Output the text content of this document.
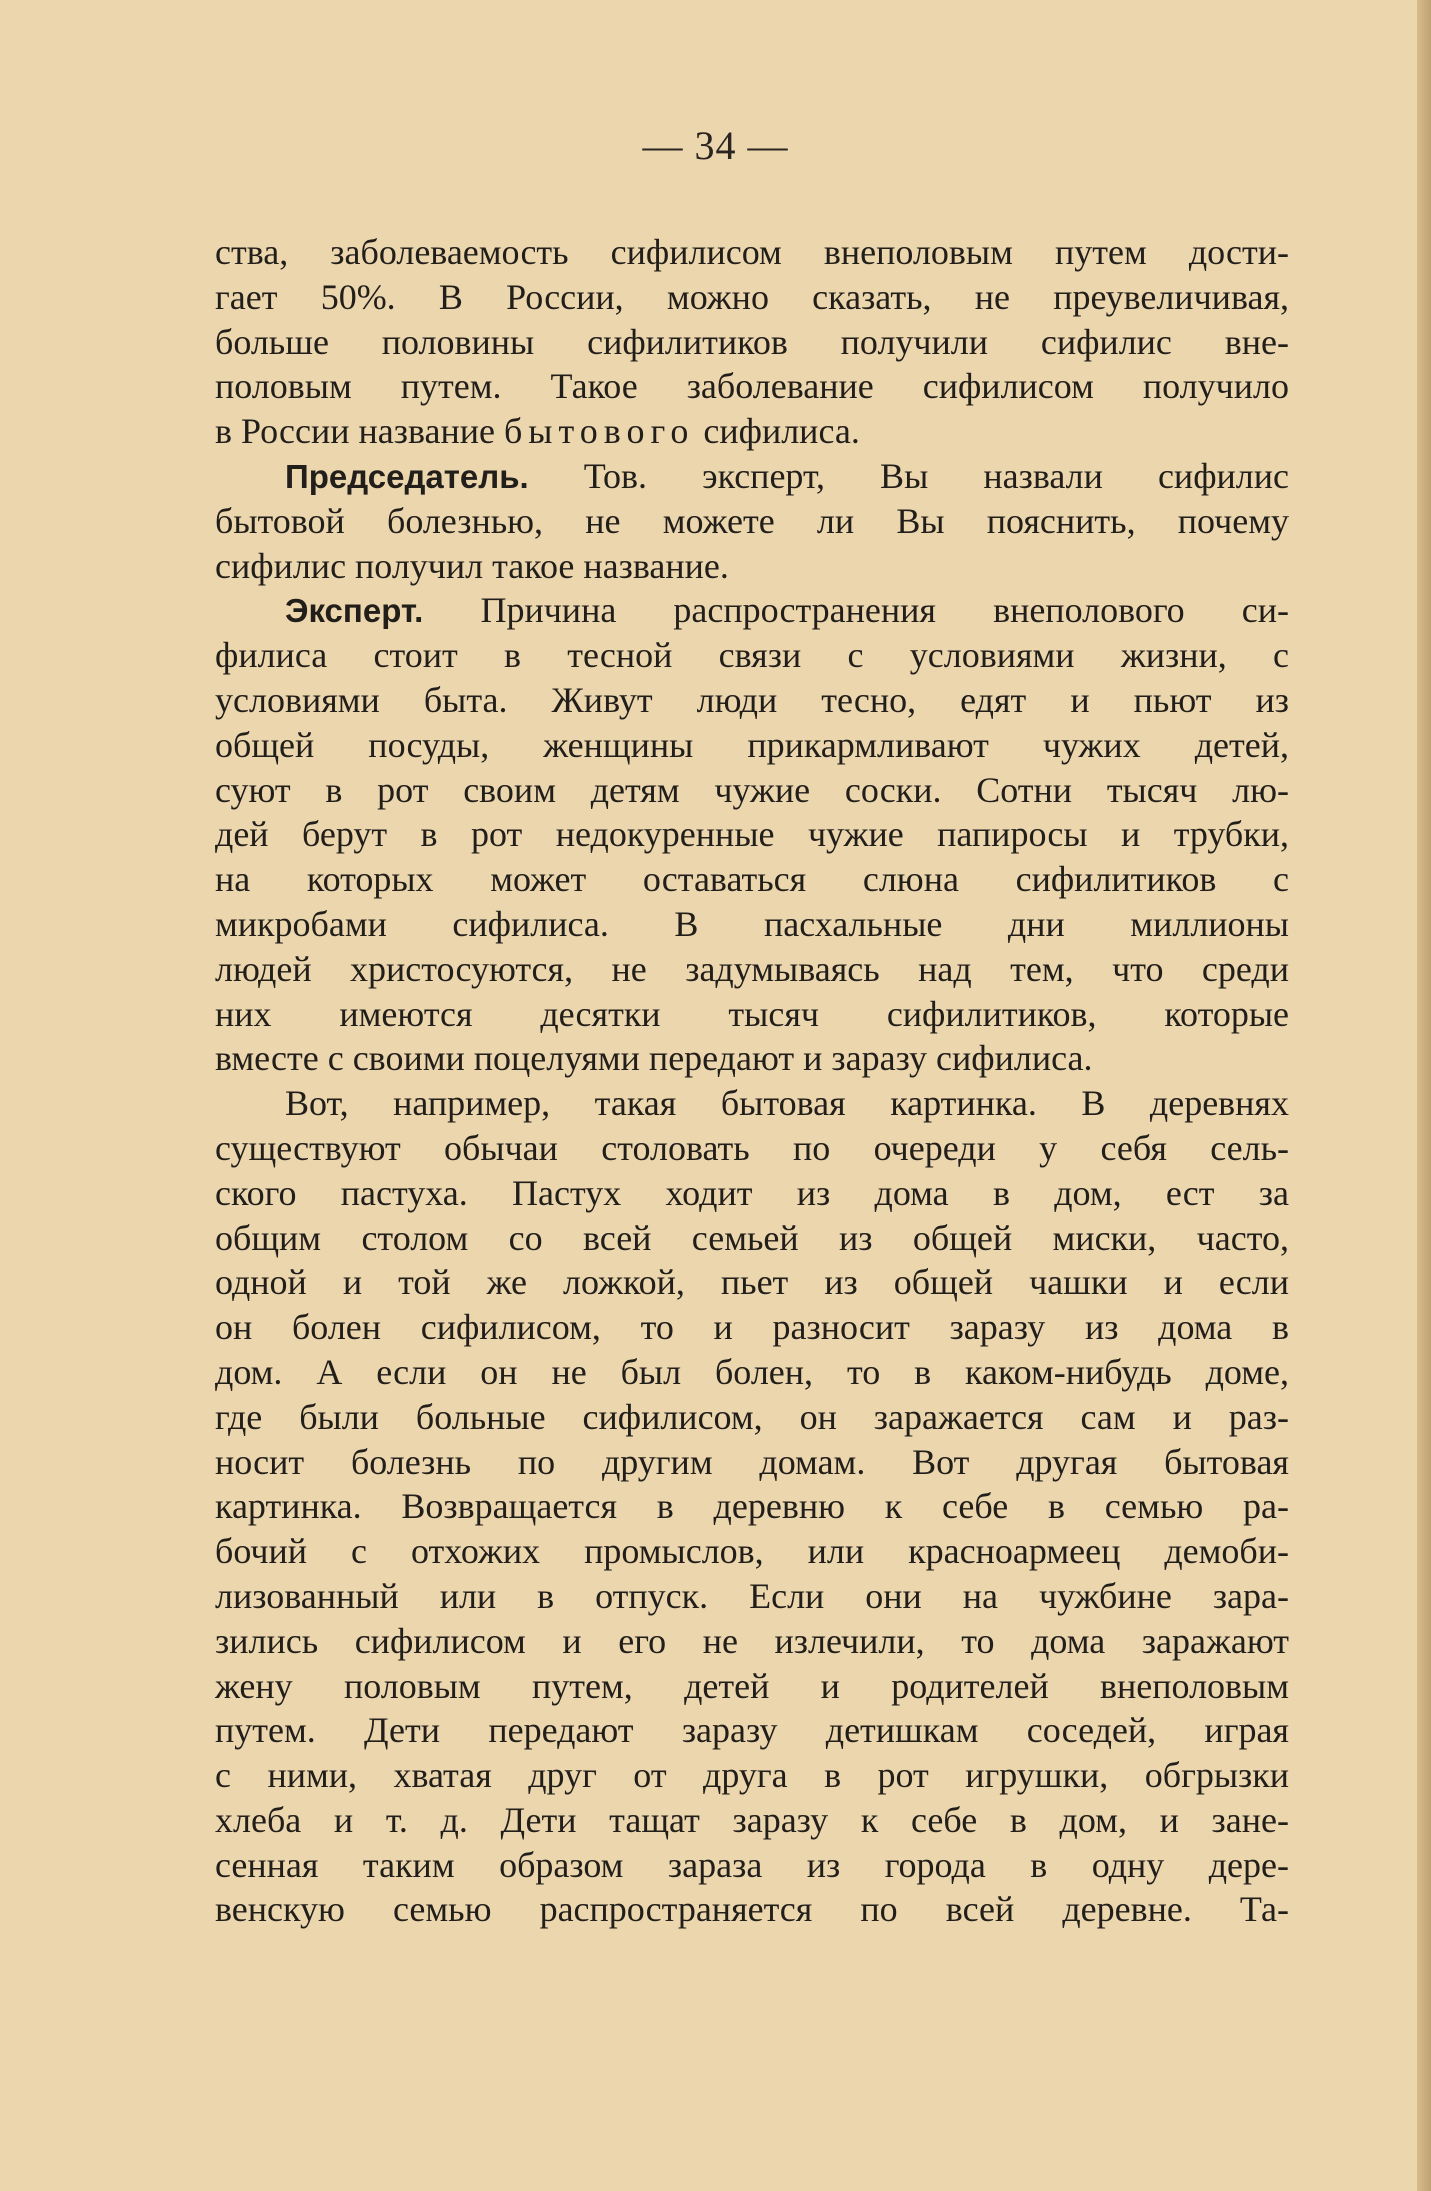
— 34 —
ства, заболеваемость сифилисом внеполовым путем дости-
гает 50%. В России, можно сказать, не преувеличивая,
больше половины сифилитиков получили сифилис вне-
половым путем. Такое заболевание сифилисом получило
в России название бытового сифилиса.
Председатель. Тов. эксперт, Вы назвали сифилис
бытовой болезнью, не можете ли Вы пояснить, почему
сифилис получил такое название.
Эксперт. Причина распространения внеполового си-
филиса стоит в тесной связи с условиями жизни, с
условиями быта. Живут люди тесно, едят и пьют из
общей посуды, женщины прикармливают чужих детей,
суют в рот своим детям чужие соски. Сотни тысяч лю-
дей берут в рот недокуренные чужие папиросы и трубки,
на которых может оставаться слюна сифилитиков с
микробами сифилиса. В пасхальные дни миллионы
людей христосуются, не задумываясь над тем, что среди
них имеются десятки тысяч сифилитиков, которые
вместе с своими поцелуями передают и заразу сифилиса.
Вот, например, такая бытовая картинка. В деревнях
существуют обычаи столовать по очереди у себя сель-
ского пастуха. Пастух ходит из дома в дом, ест за
общим столом со всей семьей из общей миски, часто,
одной и той же ложкой, пьет из общей чашки и если
он болен сифилисом, то и разносит заразу из дома в
дом. А если он не был болен, то в каком-нибудь доме,
где были больные сифилисом, он заражается сам и раз-
носит болезнь по другим домам. Вот другая бытовая
картинка. Возвращается в деревню к себе в семью ра-
бочий с отхожих промыслов, или красноармеец демоби-
лизованный или в отпуск. Если они на чужбине зара-
зились сифилисом и его не излечили, то дома заражают
жену половым путем, детей и родителей внеполовым
путем. Дети передают заразу детишкам соседей, играя
с ними, хватая друг от друга в рот игрушки, обгрызки
хлеба и т. д. Дети тащат заразу к себе в дом, и зане-
сенная таким образом зараза из города в одну дере-
венскую семью распространяется по всей деревне. Та-
